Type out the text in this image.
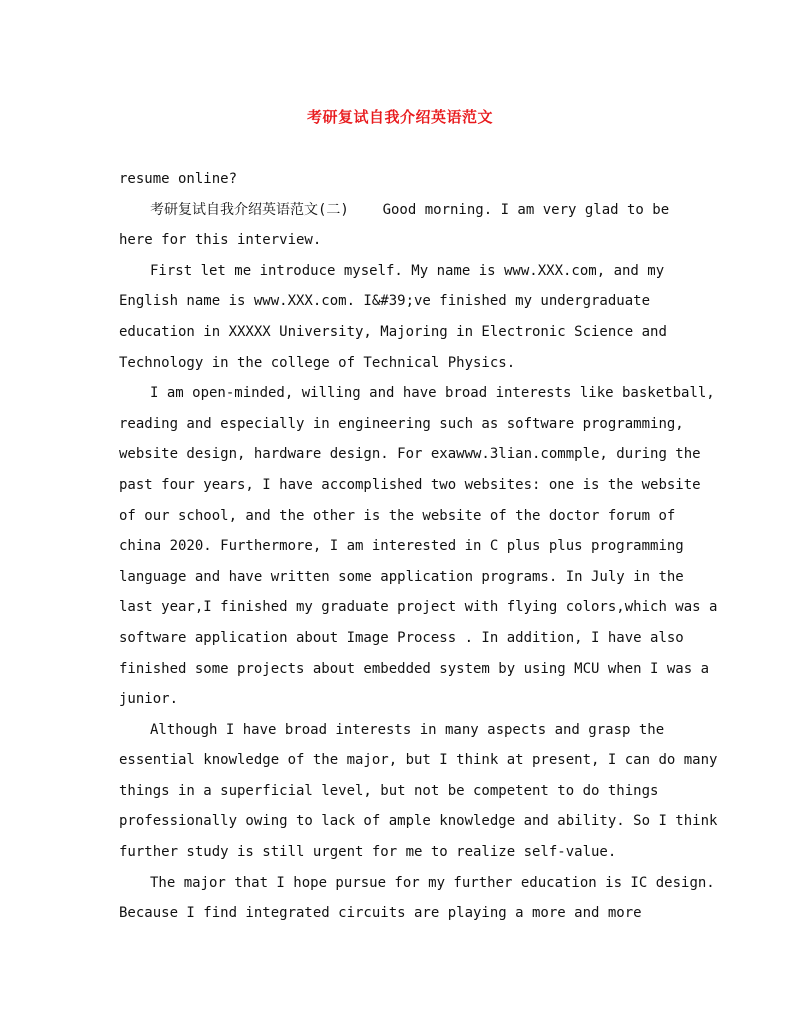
考研复试自我介绍英语范文
resume online?
考研复试自我介绍英语范文(二)    Good morning. I am very glad to be
here for this interview.
First let me introduce myself. My name is www.XXX.com, and my
English name is www.XXX.com. I&#39;ve finished my undergraduate
education in XXXXX University, Majoring in Electronic Science and
Technology in the college of Technical Physics.
I am open-minded, willing and have broad interests like basketball,
reading and especially in engineering such as software programming,
website design, hardware design. For exawww.3lian.commple, during the
past four years, I have accomplished two websites: one is the website
of our school, and the other is the website of the doctor forum of
china 2020. Furthermore, I am interested in C plus plus programming
language and have written some application programs. In July in the
last year,I finished my graduate project with flying colors,which was a
software application about Image Process . In addition, I have also
finished some projects about embedded system by using MCU when I was a
junior.
Although I have broad interests in many aspects and grasp the
essential knowledge of the major, but I think at present, I can do many
things in a superficial level, but not be competent to do things
professionally owing to lack of ample knowledge and ability. So I think
further study is still urgent for me to realize self-value.
The major that I hope pursue for my further education is IC design.
Because I find integrated circuits are playing a more and more
